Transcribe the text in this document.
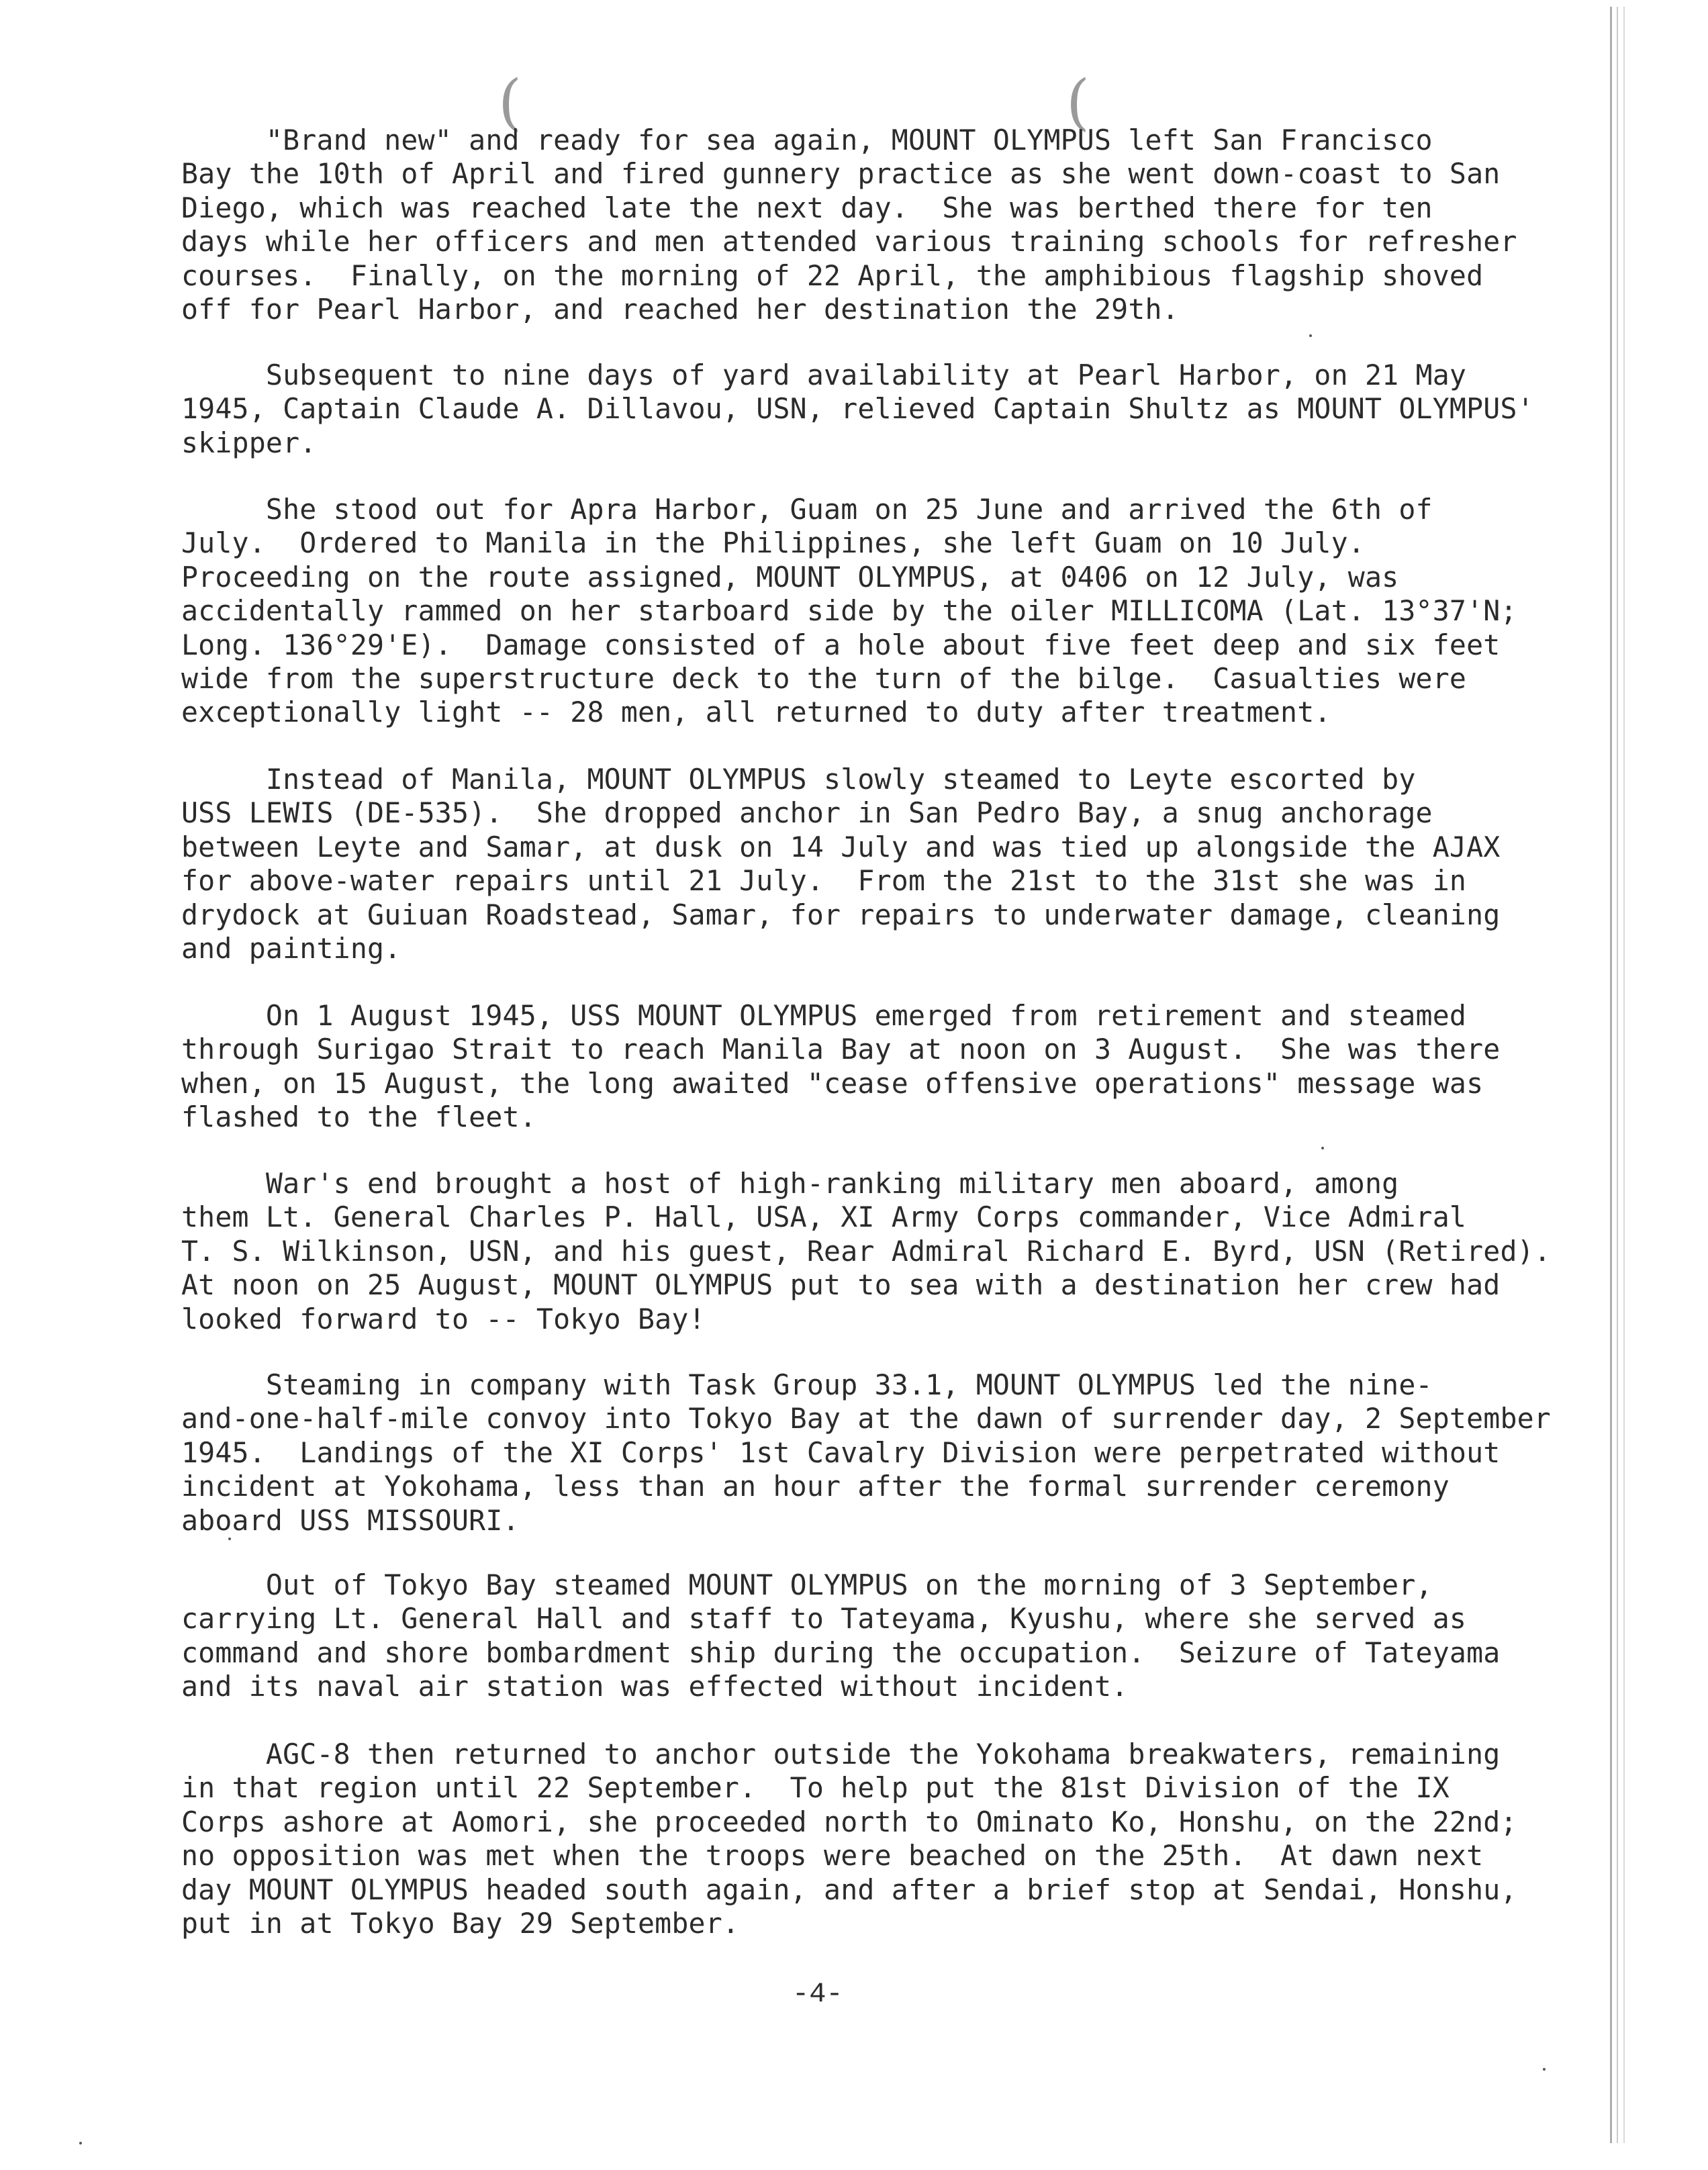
(	(
"Brand new" and ready for sea again, MOUNT OLYMPUS left San Francisco
Bay the 10th of April and fired gunnery practice as she went down-coast to San
Diego, which was reached late the next day.  She was berthed there for ten
days while her officers and men attended various training schools for refresher
courses.  Finally, on the morning of 22 April, the amphibious flagship shoved
off for Pearl Harbor, and reached her destination the 29th.
Subsequent to nine days of yard availability at Pearl Harbor, on 21 May
1945, Captain Claude A. Dillavou, USN, relieved Captain Shultz as MOUNT OLYMPUS'
skipper.
She stood out for Apra Harbor, Guam on 25 June and arrived the 6th of
July.  Ordered to Manila in the Philippines, she left Guam on 10 July.
Proceeding on the route assigned, MOUNT OLYMPUS, at 0406 on 12 July, was
accidentally rammed on her starboard side by the oiler MILLICOMA (Lat. 13°37'N;
Long. 136°29'E).  Damage consisted of a hole about five feet deep and six feet
wide from the superstructure deck to the turn of the bilge.  Casualties were
exceptionally light -- 28 men, all returned to duty after treatment.
Instead of Manila, MOUNT OLYMPUS slowly steamed to Leyte escorted by
USS LEWIS (DE-535).  She dropped anchor in San Pedro Bay, a snug anchorage
between Leyte and Samar, at dusk on 14 July and was tied up alongside the AJAX
for above-water repairs until 21 July.  From the 21st to the 31st she was in
drydock at Guiuan Roadstead, Samar, for repairs to underwater damage, cleaning
and painting.
On 1 August 1945, USS MOUNT OLYMPUS emerged from retirement and steamed
through Surigao Strait to reach Manila Bay at noon on 3 August.  She was there
when, on 15 August, the long awaited "cease offensive operations" message was
flashed to the fleet.
War's end brought a host of high-ranking military men aboard, among
them Lt. General Charles P. Hall, USA, XI Army Corps commander, Vice Admiral
T. S. Wilkinson, USN, and his guest, Rear Admiral Richard E. Byrd, USN (Retired).
At noon on 25 August, MOUNT OLYMPUS put to sea with a destination her crew had
looked forward to -- Tokyo Bay!
Steaming in company with Task Group 33.1, MOUNT OLYMPUS led the nine-
and-one-half-mile convoy into Tokyo Bay at the dawn of surrender day, 2 September
1945.  Landings of the XI Corps' 1st Cavalry Division were perpetrated without
incident at Yokohama, less than an hour after the formal surrender ceremony
aboard USS MISSOURI.
Out of Tokyo Bay steamed MOUNT OLYMPUS on the morning of 3 September,
carrying Lt. General Hall and staff to Tateyama, Kyushu, where she served as
command and shore bombardment ship during the occupation.  Seizure of Tateyama
and its naval air station was effected without incident.
AGC-8 then returned to anchor outside the Yokohama breakwaters, remaining
in that region until 22 September.  To help put the 81st Division of the IX
Corps ashore at Aomori, she proceeded north to Ominato Ko, Honshu, on the 22nd;
no opposition was met when the troops were beached on the 25th.  At dawn next
day MOUNT OLYMPUS headed south again, and after a brief stop at Sendai, Honshu,
put in at Tokyo Bay 29 September.
-4-
